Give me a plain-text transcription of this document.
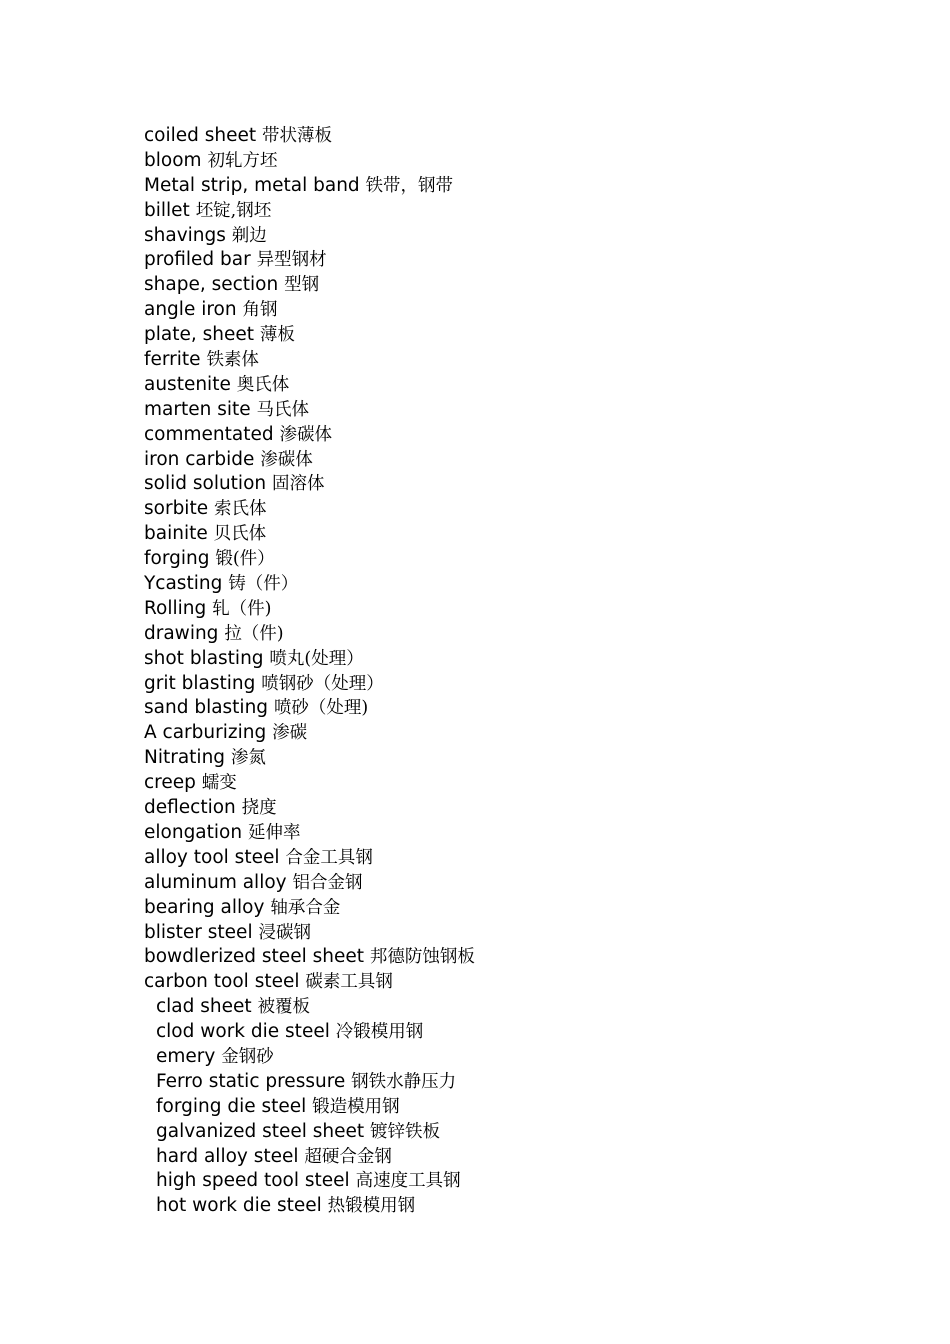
coiled sheet 带状薄板
bloom 初轧方坯
Metal strip, metal band 铁带，钢带
billet 坯锭,钢坯
shavings 剃边
profiled bar 异型钢材
shape, section 型钢
angle iron 角钢
plate, sheet 薄板
ferrite 铁素体
austenite 奥氏体
marten site 马氏体
commentated 渗碳体
iron carbide 渗碳体
solid solution 固溶体
sorbite 索氏体
bainite 贝氏体
forging 锻(件）
Ycasting 铸（件）
Rolling 轧（件)
drawing 拉（件)
shot blasting 喷丸(处理）
grit blasting 喷钢砂（处理）
sand blasting 喷砂（处理)
A carburizing 渗碳
Nitrating 渗氮
creep 蠕变
deflection 挠度
elongation 延伸率
alloy tool steel 合金工具钢
aluminum alloy 铝合金钢
bearing alloy 轴承合金
blister steel 浸碳钢
bowdlerized steel sheet 邦德防蚀钢板
carbon tool steel 碳素工具钢
clad sheet 被覆板
clod work die steel 冷锻模用钢
emery 金钢砂
Ferro static pressure 钢铁水静压力
forging die steel 锻造模用钢
galvanized steel sheet 镀锌铁板
hard alloy steel 超硬合金钢
high speed tool steel 高速度工具钢
hot work die steel 热锻模用钢
